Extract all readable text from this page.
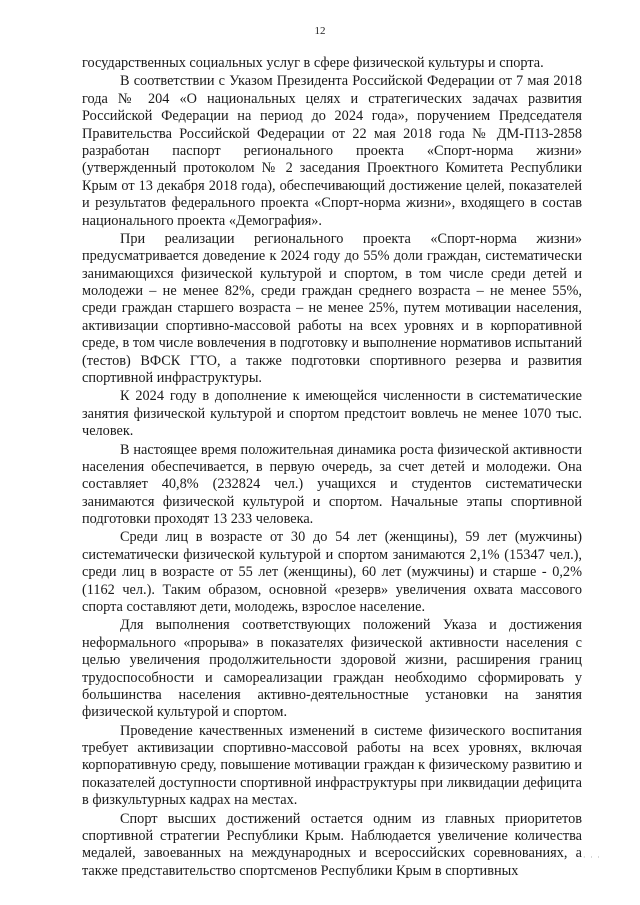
12

государственных социальных услуг в сфере физической культуры и спорта.

В соответствии с Указом Президента Российской Федерации от 7 мая 2018 года № 204 «О национальных целях и стратегических задачах развития Российской Федерации на период до 2024 года», поручением Председателя Правительства Российской Федерации от 22 мая 2018 года № ДМ-П13-2858 разработан паспорт регионального проекта «Спорт-норма жизни» (утвержденный протоколом № 2 заседания Проектного Комитета Республики Крым от 13 декабря 2018 года), обеспечивающий достижение целей, показателей и результатов федерального проекта «Спорт-норма жизни», входящего в состав национального проекта «Демография».

При реализации регионального проекта «Спорт-норма жизни» предусматривается доведение к 2024 году до 55% доли граждан, систематически занимающихся физической культурой и спортом, в том числе среди детей и молодежи – не менее 82%, среди граждан среднего возраста – не менее 55%, среди граждан старшего возраста – не менее 25%, путем мотивации населения, активизации спортивно-массовой работы на всех уровнях и в корпоративной среде, в том числе вовлечения в подготовку и выполнение нормативов испытаний (тестов) ВФСК ГТО, а также подготовки спортивного резерва и развития спортивной инфраструктуры.

К 2024 году в дополнение к имеющейся численности в систематические занятия физической культурой и спортом предстоит вовлечь не менее 1070 тыс. человек.

В настоящее время положительная динамика роста физической активности населения обеспечивается, в первую очередь, за счет детей и молодежи. Она составляет 40,8% (232824 чел.) учащихся и студентов систематически занимаются физической культурой и спортом. Начальные этапы спортивной подготовки проходят 13 233 человека.

Среди лиц в возрасте от 30 до 54 лет (женщины), 59 лет (мужчины) систематически физической культурой и спортом занимаются 2,1% (15347 чел.), среди лиц в возрасте от 55 лет (женщины), 60 лет (мужчины) и старше - 0,2% (1162 чел.). Таким образом, основной «резерв» увеличения охвата массового спорта составляют дети, молодежь, взрослое население.

Для выполнения соответствующих положений Указа и достижения неформального «прорыва» в показателях физической активности населения с целью увеличения продолжительности здоровой жизни, расширения границ трудоспособности и самореализации граждан необходимо сформировать у большинства населения активно-деятельностные установки на занятия физической культурой и спортом.

Проведение качественных изменений в системе физического воспитания требует активизации спортивно-массовой работы на всех уровнях, включая корпоративную среду, повышение мотивации граждан к физическому развитию и показателей доступности спортивной инфраструктуры при ликвидации дефицита в физкультурных кадрах на местах.

Спорт высших достижений остается одним из главных приоритетов спортивной стратегии Республики Крым. Наблюдается увеличение количества медалей, завоеванных на международных и всероссийских соревнованиях, а также представительство спортсменов Республики Крым в спортивных

· · ·
